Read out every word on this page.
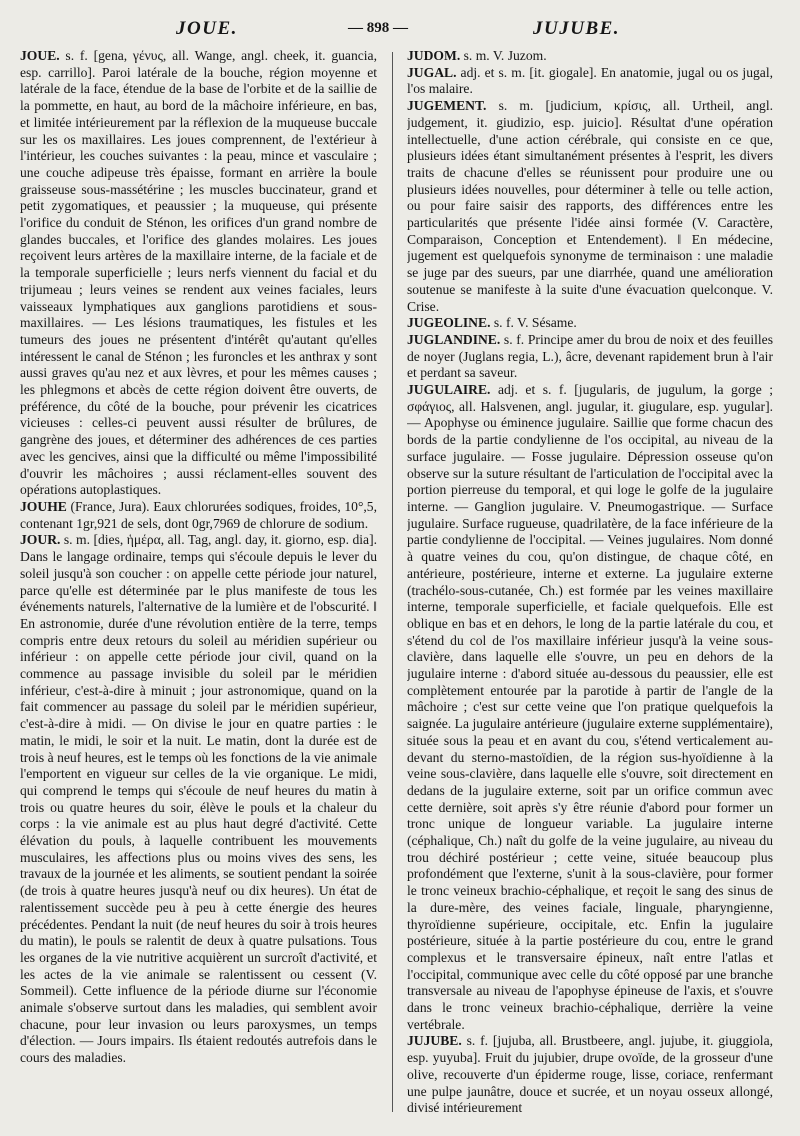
JOUE.	— 898 —	JUJUBE.

JOUE. s. f. [gena, γένυς, all. Wange, angl. cheek, it. guancia, esp. carrillo]. Paroi latérale de la bouche, région moyenne et latérale de la face, étendue de la base de l'orbite et de la saillie de la pommette, en haut, au bord de la mâchoire inférieure, en bas, et limitée intérieurement par la réflexion de la muqueuse buccale sur les os maxillaires. Les joues comprennent, de l'extérieur à l'intérieur, les couches suivantes : la peau, mince et vasculaire ; une couche adipeuse très épaisse, formant en arrière la boule graisseuse sous-massétérine ; les muscles buccinateur, grand et petit zygomatiques, et peaussier ; la muqueuse, qui présente l'orifice du conduit de Sténon, les orifices d'un grand nombre de glandes buccales, et l'orifice des glandes molaires. Les joues reçoivent leurs artères de la maxillaire interne, de la faciale et de la temporale superficielle ; leurs nerfs viennent du facial et du trijumeau ; leurs veines se rendent aux veines faciales, leurs vaisseaux lymphatiques aux ganglions parotidiens et sous-maxillaires. — Les lésions traumatiques, les fistules et les tumeurs des joues ne présentent d'intérêt qu'autant qu'elles intéressent le canal de Sténon ; les furoncles et les anthrax y sont aussi graves qu'au nez et aux lèvres, et pour les mêmes causes ; les phlegmons et abcès de cette région doivent être ouverts, de préférence, du côté de la bouche, pour prévenir les cicatrices vicieuses : celles-ci peuvent aussi résulter de brûlures, de gangrène des joues, et déterminer des adhérences de ces parties avec les gencives, ainsi que la difficulté ou même l'impossibilité d'ouvrir les mâchoires ; aussi réclament-elles souvent des opérations autoplastiques.

JOUHE (France, Jura). Eaux chlorurées sodiques, froides, 10°,5, contenant 1gr,921 de sels, dont 0gr,7969 de chlorure de sodium.

JOUR. s. m. [dies, ἡμέρα, all. Tag, angl. day, it. giorno, esp. dia]. Dans le langage ordinaire, temps qui s'écoule depuis le lever du soleil jusqu'à son coucher : on appelle cette période jour naturel, parce qu'elle est déterminée par le plus manifeste de tous les événements naturels, l'alternative de la lumière et de l'obscurité. ‖ En astronomie, durée d'une révolution entière de la terre, temps compris entre deux retours du soleil au méridien supérieur ou inférieur : on appelle cette période jour civil, quand on la commence au passage invisible du soleil par le méridien inférieur, c'est-à-dire à minuit ; jour astronomique, quand on la fait commencer au passage du soleil par le méridien supérieur, c'est-à-dire à midi. — On divise le jour en quatre parties : le matin, le midi, le soir et la nuit. Le matin, dont la durée est de trois à neuf heures, est le temps où les fonctions de la vie animale l'emportent en vigueur sur celles de la vie organique. Le midi, qui comprend le temps qui s'écoule de neuf heures du matin à trois ou quatre heures du soir, élève le pouls et la chaleur du corps : la vie animale est au plus haut degré d'activité. Cette élévation du pouls, à laquelle contribuent les mouvements musculaires, les affections plus ou moins vives des sens, les travaux de la journée et les aliments, se soutient pendant la soirée (de trois à quatre heures jusqu'à neuf ou dix heures). Un état de ralentissement succède peu à peu à cette énergie des heures précédentes. Pendant la nuit (de neuf heures du soir à trois heures du matin), le pouls se ralentit de deux à quatre pulsations. Tous les organes de la vie nutritive acquièrent un surcroît d'activité, et les actes de la vie animale se ralentissent ou cessent (V. Sommeil). Cette influence de la période diurne sur l'économie animale s'observe surtout dans les maladies, qui semblent avoir chacune, pour leur invasion ou leurs paroxysmes, un temps d'élection. — Jours impairs. Ils étaient redoutés autrefois dans le cours des maladies.

JUDOM. s. m. V. Juzom.

JUGAL. adj. et s. m. [it. giogale]. En anatomie, jugal ou os jugal, l'os malaire.

JUGEMENT. s. m. [judicium, κρίσις, all. Urtheil, angl. judgement, it. giudizio, esp. juicio]. Résultat d'une opération intellectuelle, d'une action cérébrale, qui consiste en ce que, plusieurs idées étant simultanément présentes à l'esprit, les divers traits de chacune d'elles se réunissent pour produire une ou plusieurs idées nouvelles, pour déterminer à telle ou telle action, ou pour faire saisir des rapports, des différences entre les particularités que présente l'idée ainsi formée (V. Caractère, Comparaison, Conception et Entendement). ‖ En médecine, jugement est quelquefois synonyme de terminaison : une maladie se juge par des sueurs, par une diarrhée, quand une amélioration soutenue se manifeste à la suite d'une évacuation quelconque. V. Crise.

JUGEOLINE. s. f. V. Sésame.

JUGLANDINE. s. f. Principe amer du brou de noix et des feuilles de noyer (Juglans regia, L.), âcre, devenant rapidement brun à l'air et perdant sa saveur.

JUGULAIRE. adj. et s. f. [jugularis, de jugulum, la gorge ; σφάγιος, all. Halsvenen, angl. jugular, it. giugulare, esp. yugular]. — Apophyse ou éminence jugulaire. Saillie que forme chacun des bords de la partie condylienne de l'os occipital, au niveau de la surface jugulaire. — Fosse jugulaire. Dépression osseuse qu'on observe sur la suture résultant de l'articulation de l'occipital avec la portion pierreuse du temporal, et qui loge le golfe de la jugulaire interne. — Ganglion jugulaire. V. Pneumogastrique. — Surface jugulaire. Surface rugueuse, quadrilatère, de la face inférieure de la partie condylienne de l'occipital. — Veines jugulaires. Nom donné à quatre veines du cou, qu'on distingue, de chaque côté, en antérieure, postérieure, interne et externe. La jugulaire externe (trachélo-sous-cutanée, Ch.) est formée par les veines maxillaire interne, temporale superficielle, et faciale quelquefois. Elle est oblique en bas et en dehors, le long de la partie latérale du cou, et s'étend du col de l'os maxillaire inférieur jusqu'à la veine sous-clavière, dans laquelle elle s'ouvre, un peu en dehors de la jugulaire interne : d'abord située au-dessous du peaussier, elle est complètement entourée par la parotide à partir de l'angle de la mâchoire ; c'est sur cette veine que l'on pratique quelquefois la saignée. La jugulaire antérieure (jugulaire externe supplémentaire), située sous la peau et en avant du cou, s'étend verticalement au-devant du sterno-mastoïdien, de la région sus-hyoïdienne à la veine sous-clavière, dans laquelle elle s'ouvre, soit directement en dedans de la jugulaire externe, soit par un orifice commun avec cette dernière, soit après s'y être réunie d'abord pour former un tronc unique de longueur variable. La jugulaire interne (céphalique, Ch.) naît du golfe de la veine jugulaire, au niveau du trou déchiré postérieur ; cette veine, située beaucoup plus profondément que l'externe, s'unit à la sous-clavière, pour former le tronc veineux brachio-céphalique, et reçoit le sang des sinus de la dure-mère, des veines faciale, linguale, pharyngienne, thyroïdienne supérieure, occipitale, etc. Enfin la jugulaire postérieure, située à la partie postérieure du cou, entre le grand complexus et le transversaire épineux, naît entre l'atlas et l'occipital, communique avec celle du côté opposé par une branche transversale au niveau de l'apophyse épineuse de l'axis, et s'ouvre dans le tronc veineux brachio-céphalique, derrière la veine vertébrale.

JUJUBE. s. f. [jujuba, all. Brustbeere, angl. jujube, it. giuggiola, esp. yuyuba]. Fruit du jujubier, drupe ovoïde, de la grosseur d'une olive, recouverte d'un épiderme rouge, lisse, coriace, renfermant une pulpe jaunâtre, douce et sucrée, et un noyau osseux allongé, divisé intérieurement
